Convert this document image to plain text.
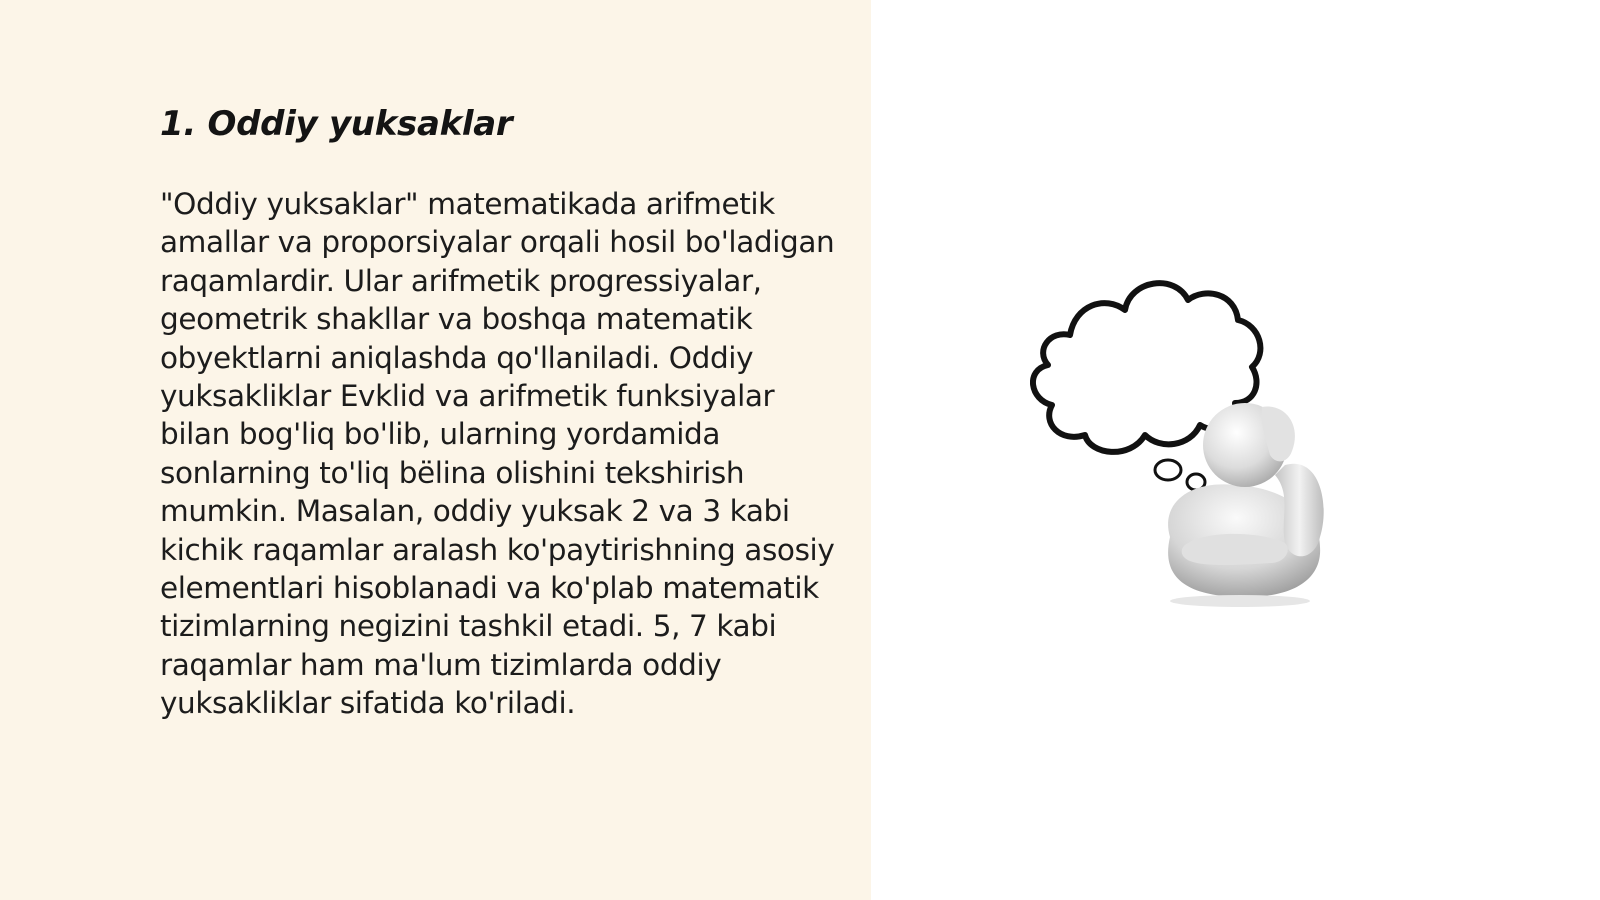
1. Oddiy yuksaklar

"Oddiy yuksaklar" matematikada arifmetik amallar va proporsiyalar orqali hosil bo'ladigan raqamlardir. Ular arifmetik progressiyalar, geometrik shakllar va boshqa matematik obyektlarni aniqlashda qo'llaniladi. Oddiy yuksakliklar Evklid va arifmetik funksiyalar bilan bog'liq bo'lib, ularning yordamida sonlarning to'liq bëlina olishini tekshirish mumkin. Masalan, oddiy yuksak 2 va 3 kabi kichik raqamlar aralash ko'paytirishning asosiy elementlari hisoblanadi va ko'plab matematik tizimlarning negizini tashkil etadi. 5, 7 kabi raqamlar ham ma'lum tizimlarda oddiy yuksakliklar sifatida ko'riladi.
